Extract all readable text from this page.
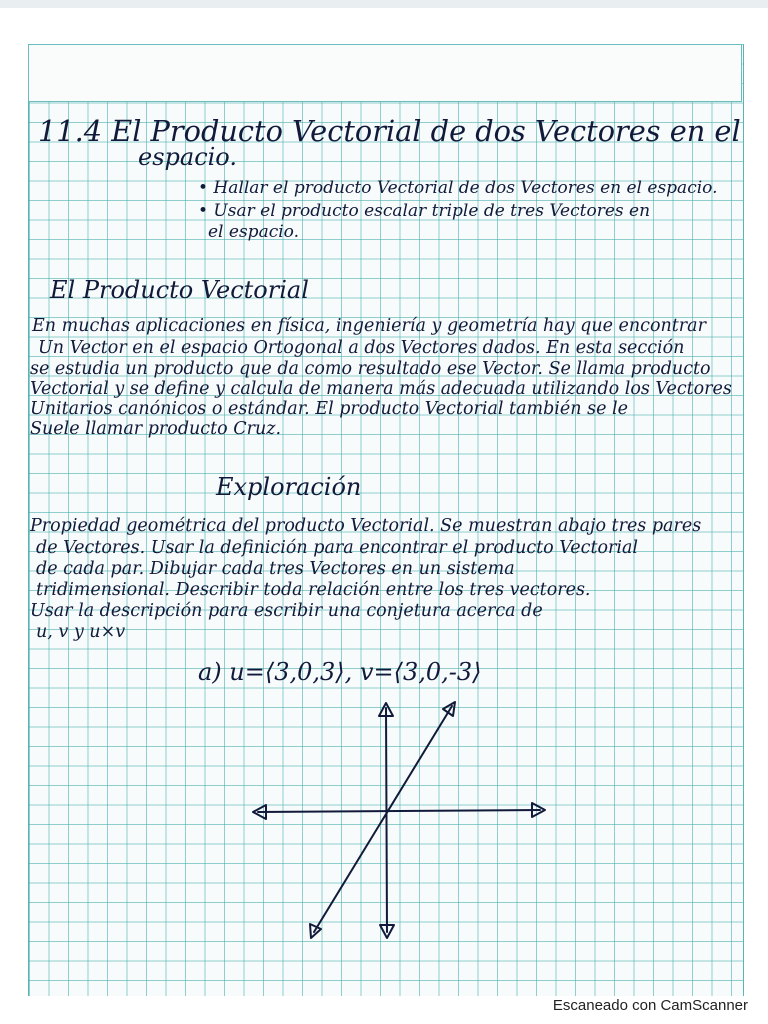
11.4 El Producto Vectorial de dos Vectores en el
espacio.
• Hallar el producto Vectorial de dos Vectores en el espacio.
• Usar el producto escalar triple de tres Vectores en
el espacio.
El Producto Vectorial
En muchas aplicaciones en física, ingeniería y geometría hay que encontrar
Un Vector en el espacio Ortogonal a dos Vectores dados. En esta sección
se estudia un producto que da como resultado ese Vector. Se llama producto
Vectorial y se define y calcula de manera más adecuada utilizando los Vectores
Unitarios canónicos o estándar. El producto Vectorial también se le
Suele llamar producto Cruz.
Exploración
Propiedad geométrica del producto Vectorial. Se muestran abajo tres pares
de Vectores. Usar la definición para encontrar el producto Vectorial
de cada par. Dibujar cada tres Vectores en un sistema
tridimensional. Describir toda relación entre los tres vectores.
Usar la descripción para escribir una conjetura acerca de
u, v y u×v
a) u=⟨3,0,3⟩, v=⟨3,0,-3⟩
Escaneado con CamScanner
